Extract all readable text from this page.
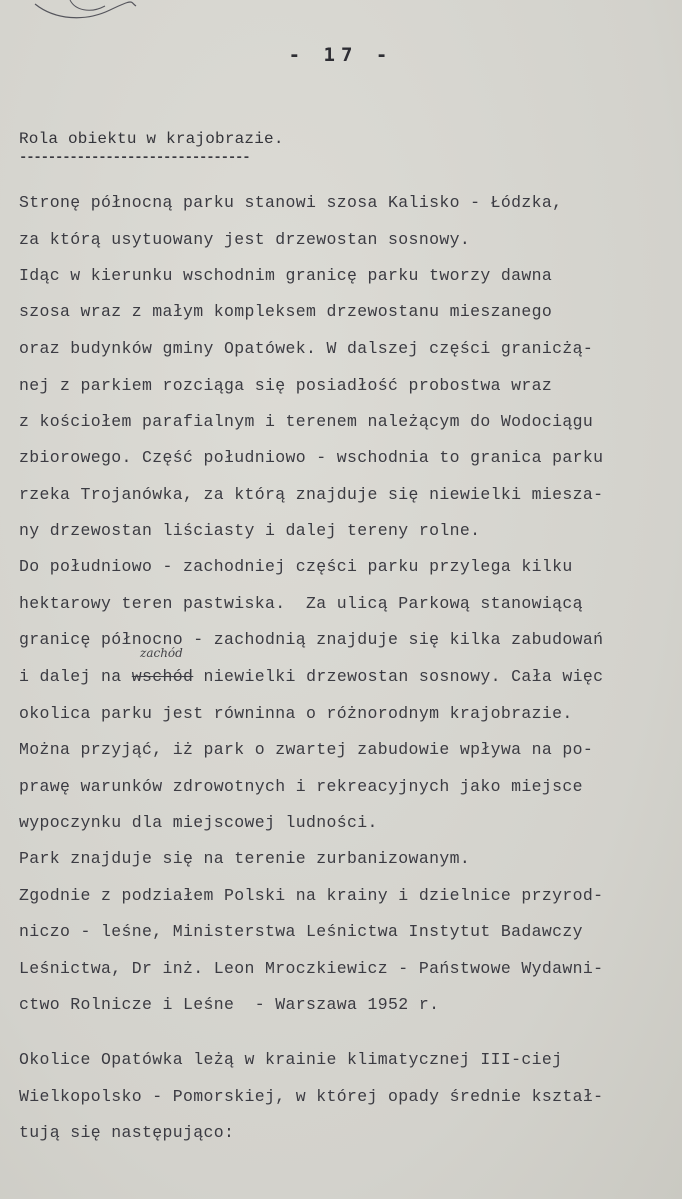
- 17 -
Rola obiektu w krajobrazie.
--------------------------------
Stronę północną parku stanowi szosa Kalisko - Łódzka,
za którą usytuowany jest drzewostan sosnowy.
Idąc w kierunku wschodnim granicę parku tworzy dawna
szosa wraz z małym kompleksem drzewostanu mieszanego
oraz budynków gminy Opatówek. W dalszej części granicżą-
nej z parkiem rozciąga się posiadłość probostwa wraz
z kościołem parafialnym i terenem należącym do Wodociągu
zbiorowego. Część południowo - wschodnia to granica parku
rzeka Trojanówka, za którą znajduje się niewielki miesza-
ny drzewostan liściasty i dalej tereny rolne.
Do południowo - zachodniej części parku przylega kilku
hektarowy teren pastwiska.  Za ulicą Parkową stanowiącą
granicę północno - zachodnią znajduje się kilka zabudowań
zachód
i dalej na wschód niewielki drzewostan sosnowy. Cała więc
okolica parku jest równinna o różnorodnym krajobrazie.
Można przyjąć, iż park o zwartej zabudowie wpływa na po-
prawę warunków zdrowotnych i rekreacyjnych jako miejsce
wypoczynku dla miejscowej ludności.
Park znajduje się na terenie zurbanizowanym.
Zgodnie z podziałem Polski na krainy i dzielnice przyrod-
niczo - leśne, Ministerstwa Leśnictwa Instytut Badawczy
Leśnictwa, Dr inż. Leon Mroczkiewicz - Państwowe Wydawni-
ctwo Rolnicze i Leśne  - Warszawa 1952 r.
Okolice Opatówka leżą w krainie klimatycznej III-ciej
Wielkopolsko - Pomorskiej, w której opady średnie kształ-
tują się następująco:
